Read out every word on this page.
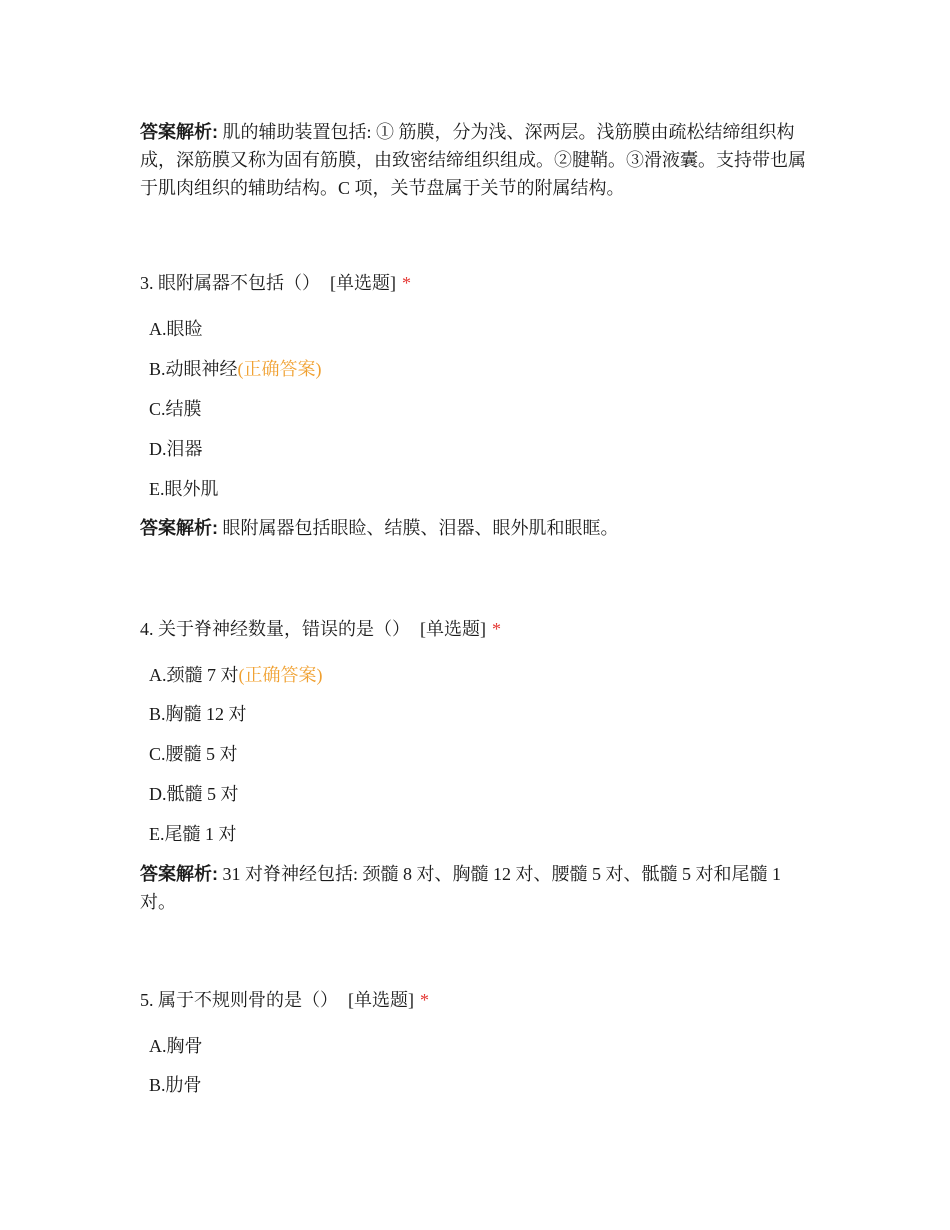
答案解析: 肌的辅助装置包括: ① 筋膜，分为浅、深两层。浅筋膜由疏松结缔组织构成，深筋膜又称为固有筋膜，由致密结缔组织组成。②腱鞘。③滑液囊。支持带也属于肌肉组织的辅助结构。C 项，关节盘属于关节的附属结构。
3. 眼附属器不包括（） [单选题] *
A.眼睑
B.动眼神经(正确答案)
C.结膜
D.泪器
E.眼外肌
答案解析: 眼附属器包括眼睑、结膜、泪器、眼外肌和眼眶。
4. 关于脊神经数量，错误的是（） [单选题] *
A.颈髓 7 对(正确答案)
B.胸髓 12 对
C.腰髓 5 对
D.骶髓 5 对
E.尾髓 1 对
答案解析: 31 对脊神经包括: 颈髓 8 对、胸髓 12 对、腰髓 5 对、骶髓 5 对和尾髓 1 对。
5. 属于不规则骨的是（） [单选题] *
A.胸骨
B.肋骨
